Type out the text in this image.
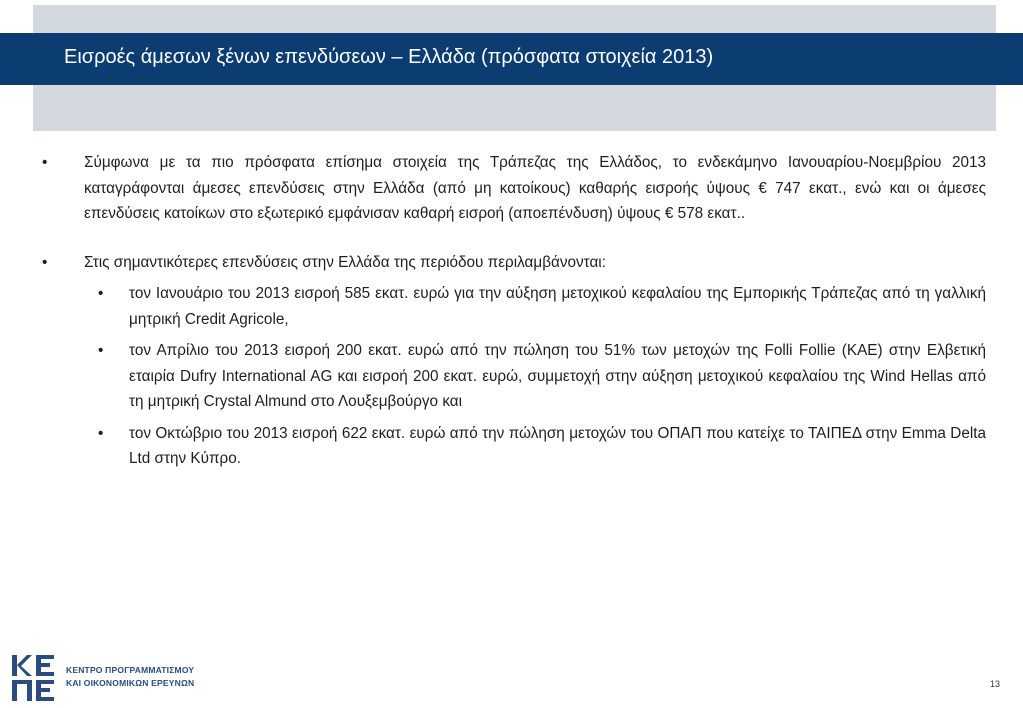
Εισροές άμεσων ξένων επενδύσεων – Ελλάδα (πρόσφατα στοιχεία 2013)
•	Σύμφωνα με τα πιο πρόσφατα επίσημα στοιχεία της Τράπεζας της Ελλάδος, το ενδεκάμηνο Ιανουαρίου-Νοεμβρίου 2013 καταγράφονται άμεσες επενδύσεις στην Ελλάδα (από μη κατοίκους) καθαρής εισροής ύψους € 747 εκατ., ενώ και οι άμεσες επενδύσεις κατοίκων στο εξωτερικό εμφάνισαν καθαρή εισροή (αποεπένδυση) ύψους € 578 εκατ..
•	Στις σημαντικότερες επενδύσεις στην Ελλάδα της περιόδου περιλαμβάνονται:
• τον Ιανουάριο του 2013 εισροή 585 εκατ. ευρώ για την αύξηση μετοχικού κεφαλαίου της Εμπορικής Τράπεζας από τη γαλλική μητρική Credit Agricole,
• τον Απρίλιο του 2013 εισροή 200 εκατ. ευρώ από την πώληση του 51% των μετοχών της Folli Follie (ΚΑΕ) στην Ελβετική εταιρία Dufry International AG και εισροή 200 εκατ. ευρώ, συμμετοχή στην αύξηση μετοχικού κεφαλαίου της Wind Hellas από τη μητρική Crystal Almund στο Λουξεμβούργο και
• τον Οκτώβριο του 2013 εισροή 622 εκατ. ευρώ από την πώληση μετοχών του ΟΠΑΠ που κατείχε το ΤΑΙΠΕΔ στην Emma Delta Ltd στην Κύπρο.
ΚΕΝΤΡΟ ΠΡΟΓΡΑΜΜΑΤΙΣΜΟΥ
ΚΑΙ ΟΙΚΟΝΟΜΙΚΩΝ ΕΡΕΥΝΩΝ	13
